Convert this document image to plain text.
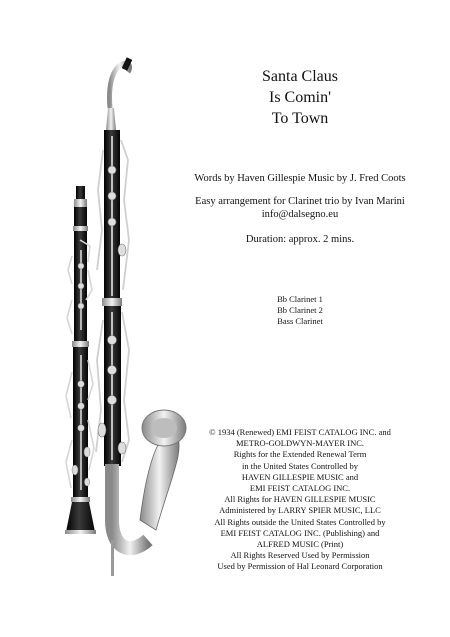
Santa Claus
Is Comin'
To Town
Words by Haven Gillespie Music by J. Fred Coots
Easy arrangement for Clarinet trio by Ivan Marini
info@dalsegno.eu
Duration: approx. 2 mins.
Bb Clarinet 1
Bb Clarinet 2
Bass Clarinet
© 1934 (Renewed) EMI FEIST CATALOG INC. and
METRO-GOLDWYN-MAYER INC.
Rights for the Extended Renewal Term
in the United States Controlled by
HAVEN GILLESPIE MUSIC and
EMI FEIST CATALOG INC.
All Rights for HAVEN GILLESPIE MUSIC
Administered by LARRY SPIER MUSIC, LLC
All Rights outside the United States Controlled by
EMI FEIST CATALOG INC. (Publishing) and
ALFRED MUSIC (Print)
All Rights Reserved Used by Permission
Used by Permission of Hal Leonard Corporation
